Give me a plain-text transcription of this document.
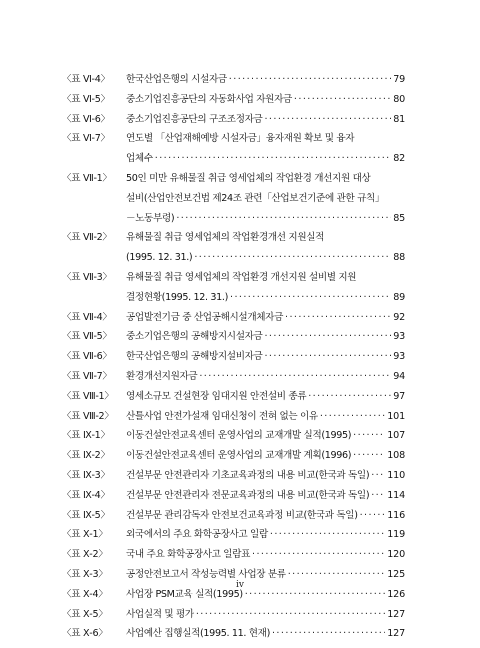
〈표 Ⅵ-4〉	한국산업은행의 시설자금 ·····	79
〈표 Ⅵ-5〉	중소기업진흥공단의 자동화사업 자원자금 ·····	80
〈표 Ⅵ-6〉	중소기업진흥공단의 구조조정자금 ·····	81
〈표 Ⅵ-7〉	연도별 「산업재해예방 시설자금」융자재원 확보 및 융자
업체수 ·····	82
〈표 Ⅶ-1〉	50인 미만 유해물질 취급 영세업체의 작업환경 개선지원 대상
설비(산업안전보건법 제24조 관련「산업보건기준에 관한 규칙」
－노동부령) ·····	85
〈표 Ⅶ-2〉	유해물질 취급 영세업체의 작업환경개선 지원실적
(1995. 12. 31.) ·····	88
〈표 Ⅶ-3〉	유해물질 취급 영세업체의 작업환경 개선지원 설비별 지원
결정현황(1995. 12. 31.) ·····	89
〈표 Ⅶ-4〉	공업발전기금 중 산업공해시설개체자금 ·····	92
〈표 Ⅶ-5〉	중소기업은행의 공해방지시설자금 ·····	93
〈표 Ⅶ-6〉	한국산업은행의 공해방지설비자금 ·····	93
〈표 Ⅶ-7〉	환경개선지원자금 ·····	94
〈표 Ⅷ-1〉	영세소규모 건설현장 임대지원 안전설비 종류 ·····	97
〈표 Ⅷ-2〉	산틀사업 안전가설재 임대신청이 전혀 없는 이유 ·····	101
〈표 Ⅸ-1〉	이동건설안전교육센터 운영사업의 교재개발 실적(1995) ·····	107
〈표 Ⅸ-2〉	이동건설안전교육센터 운영사업의 교재개발 계획(1996) ·····	108
〈표 Ⅸ-3〉	건설부문 안전관리자 기초교육과정의 내용 비교(한국과 독일) ····· 110
〈표 Ⅸ-4〉	건설부문 안전관리자 전문교육과정의 내용 비교(한국과 독일) ····· 114
〈표 Ⅸ-5〉	건설부문 관리감독자 안전보건교육과정 비교(한국과 독일) ·····	116
〈표 Ⅹ-1〉	외국에서의 주요 화학공장사고 일람 ·····	119
〈표 Ⅹ-2〉	국내 주요 화학공장사고 일람표 ·····	120
〈표 Ⅹ-3〉	공정안전보고서 작성능력별 사업장 분류 ·····	125
〈표 Ⅹ-4〉	사업장 PSM교육 실적(1995) ·····	126
〈표 Ⅹ-5〉	사업실적 및 평가 ·····	127
〈표 Ⅹ-6〉	사업예산 집행실적(1995. 11. 현재) ·····	127
iv
